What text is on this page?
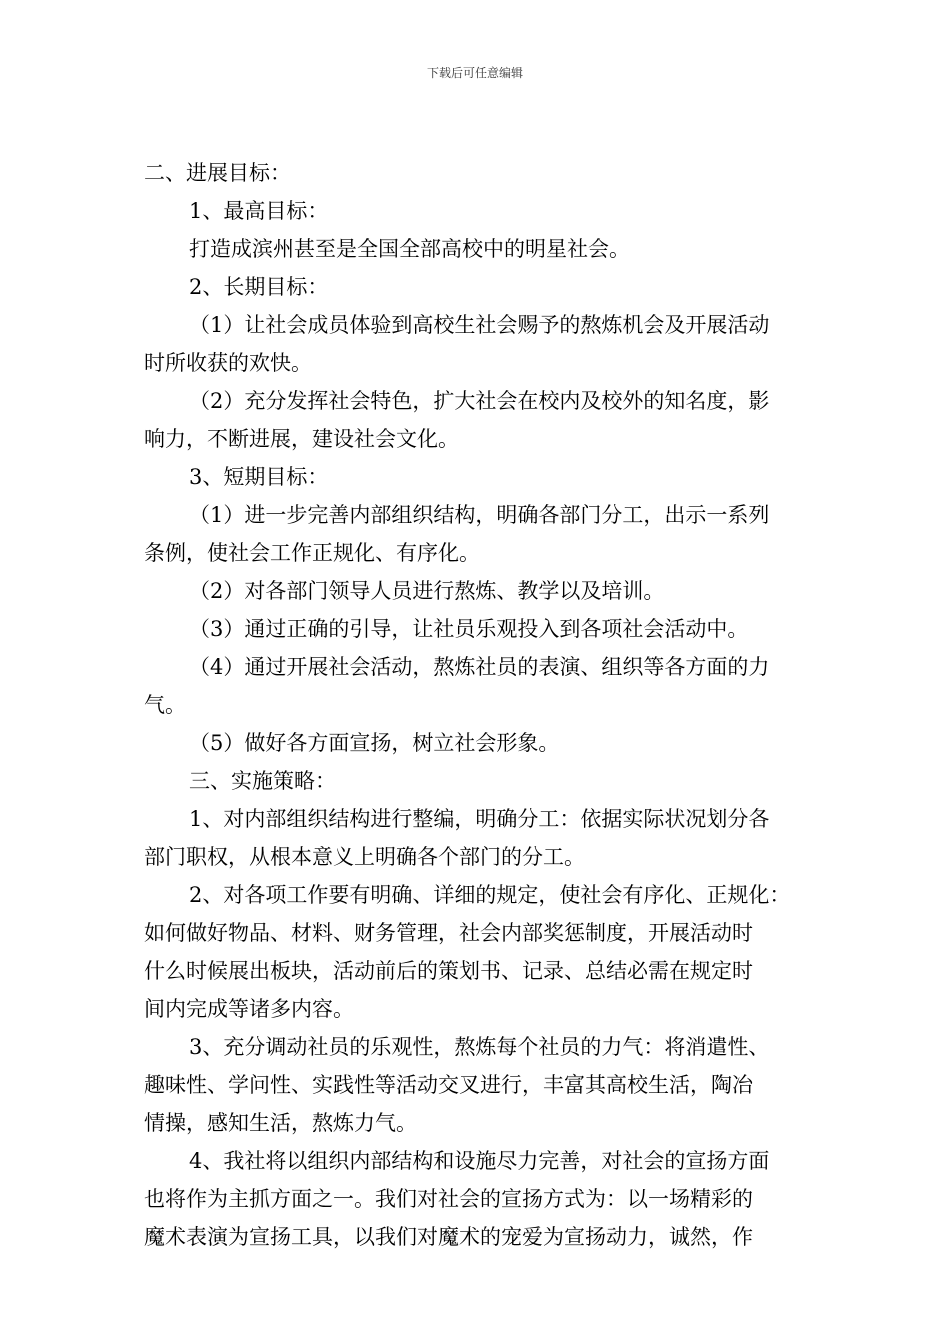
下载后可任意编辑

二、进展目标：

1、最高目标：

打造成滨州甚至是全国全部高校中的明星社会。

2、长期目标：

（1）让社会成员体验到高校生社会赐予的熬炼机会及开展活动

时所收获的欢快。

（2）充分发挥社会特色，扩大社会在校内及校外的知名度，影

响力，不断进展，建设社会文化。

3、短期目标：

（1）进一步完善内部组织结构，明确各部门分工，出示一系列

条例，使社会工作正规化、有序化。

（2）对各部门领导人员进行熬炼、教学以及培训。

（3）通过正确的引导，让社员乐观投入到各项社会活动中。

（4）通过开展社会活动，熬炼社员的表演、组织等各方面的力

气。

（5）做好各方面宣扬，树立社会形象。

三、实施策略：

1、对内部组织结构进行整编，明确分工：依据实际状况划分各

部门职权，从根本意义上明确各个部门的分工。

2、对各项工作要有明确、详细的规定，使社会有序化、正规化：

如何做好物品、材料、财务管理，社会内部奖惩制度，开展活动时

什么时候展出板块，活动前后的策划书、记录、总结必需在规定时

间内完成等诸多内容。

3、充分调动社员的乐观性，熬炼每个社员的力气：将消遣性、

趣味性、学问性、实践性等活动交叉进行，丰富其高校生活，陶冶

情操，感知生活，熬炼力气。

4、我社将以组织内部结构和设施尽力完善，对社会的宣扬方面

也将作为主抓方面之一。我们对社会的宣扬方式为：以一场精彩的

魔术表演为宣扬工具，以我们对魔术的宠爱为宣扬动力，诚然，作
